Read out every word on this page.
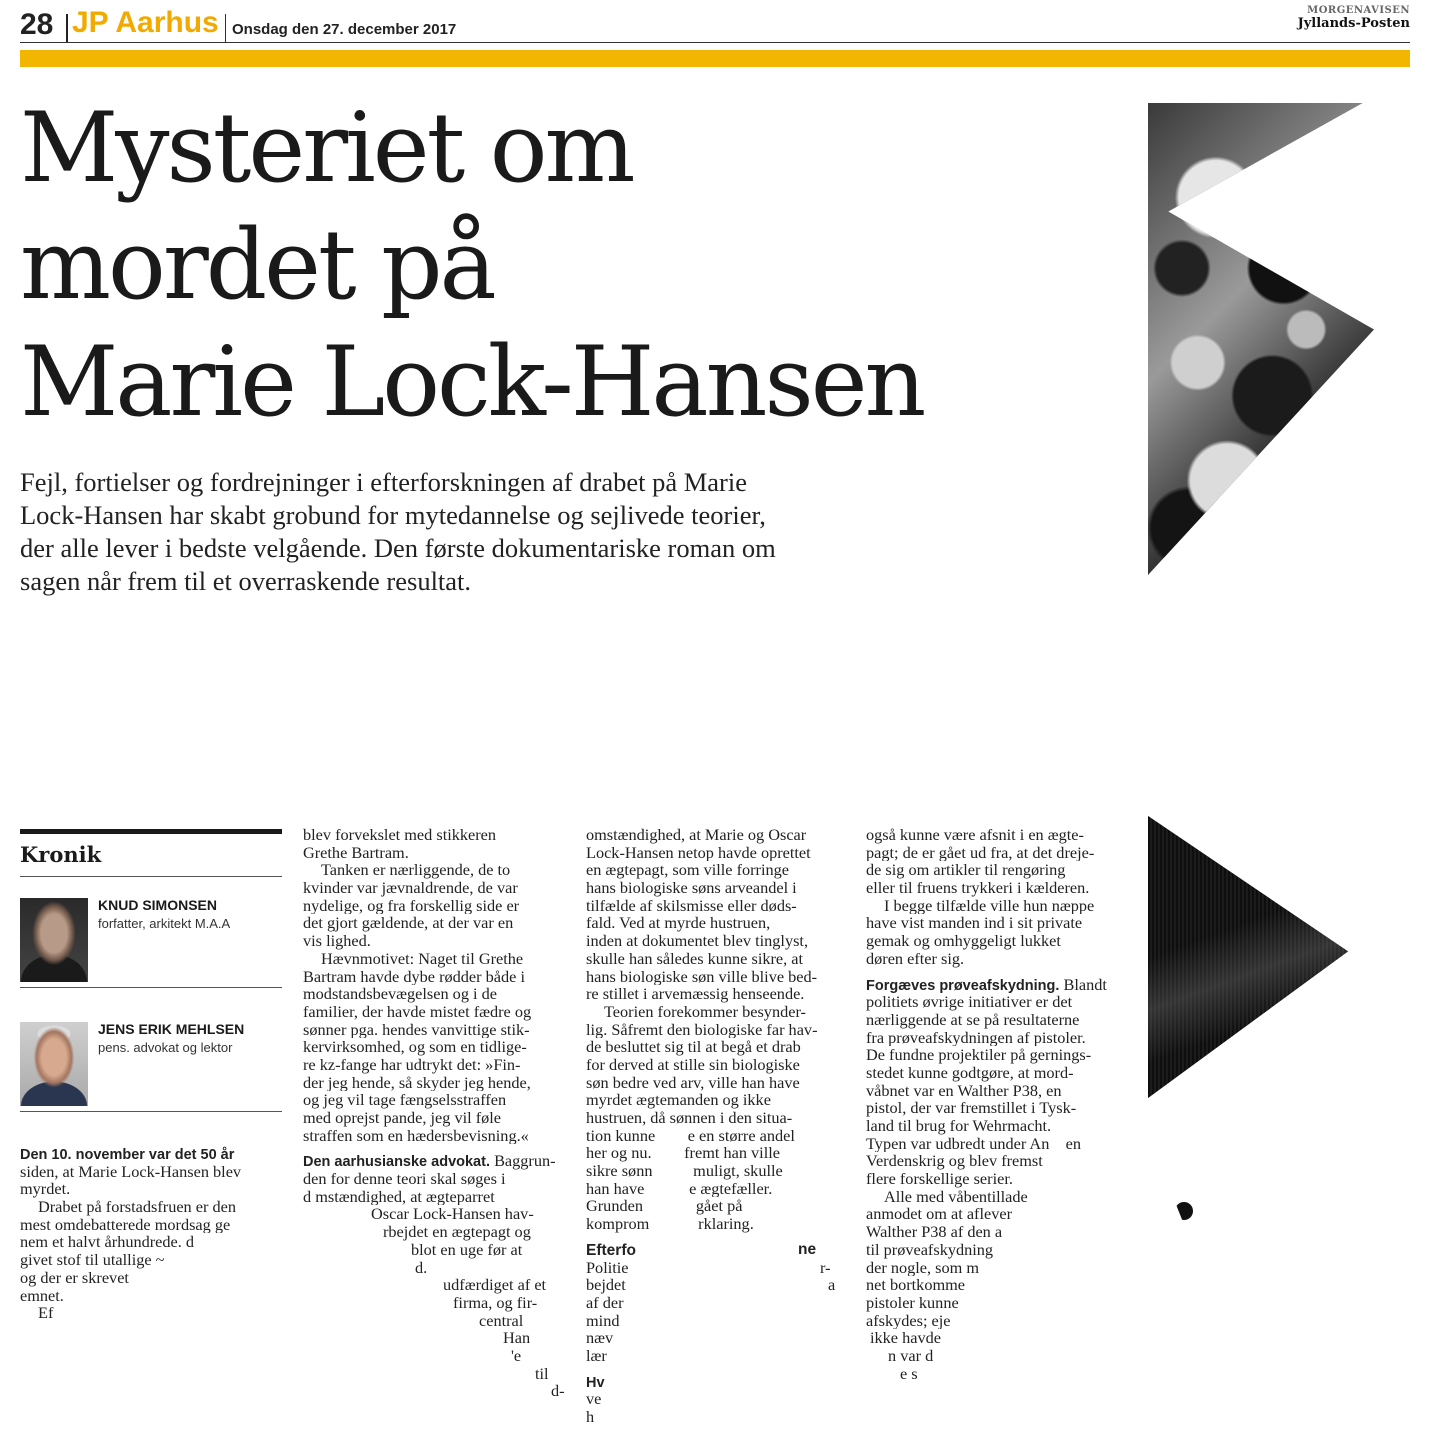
28 JP Aarhus Onsdag den 27. december 2017
MORGENAVISEN
Jyllands-Posten
Mysteriet om
mordet på
Marie Lock-Hansen
Fejl, fortielser og fordrejninger i efterforskningen af drabet på Marie
Lock-Hansen har skabt grobund for mytedannelse og sejlivede teorier,
der alle lever i bedste velgående. Den første dokumentariske roman om
sagen når frem til et overraskende resultat.
Kronik
KNUD SIMONSEN
forfatter, arkitekt M.A.A
JENS ERIK MEHLSEN
pens. advokat og lektor
Den 10. november var det 50 år
siden, at Marie Lock-Hansen blev
myrdet.
Drabet på forstadsfruen er den
mest omdebatterede mordsag ge
nem et halvt århundrede. d
givet stof til utallige ~
og der er skrevet
emnet.
Ef
blev forvekslet med stikkeren
Grethe Bartram.
Tanken er nærliggende, de to
kvinder var jævnaldrende, de var
nydelige, og fra forskellig side er
det gjort gældende, at der var en
vis lighed.
Hævnmotivet: Naget til Grethe
Bartram havde dybe rødder både i
modstandsbevægelsen og i de
familier, der havde mistet fædre og
sønner pga. hendes vanvittige stik-
kervirksomhed, og som en tidlige-
re kz-fange har udtrykt det: »Fin-
der jeg hende, så skyder jeg hende,
og jeg vil tage fængselsstraffen
med oprejst pande, jeg vil føle
straffen som en hædersbevisning.«
Den aarhusianske advokat. Baggrun-
den for denne teori skal søges i
d mstændighed, at ægteparret
Oscar Lock-Hansen hav-
rbejdet en ægtepagt og
blot en uge før at
d.
udfærdiget af et
firma, og fir-
central
Han
'e
til
d-
omstændighed, at Marie og Oscar
Lock-Hansen netop havde oprettet
en ægtepagt, som ville forringe
hans biologiske søns arveandel i
tilfælde af skilsmisse eller døds-
fald. Ved at myrde hustruen,
inden at dokumentet blev tinglyst,
skulle han således kunne sikre, at
hans biologiske søn ville blive bed-
re stillet i arvemæssig henseende.
Teorien forekommer besynder-
lig. Såfremt den biologiske far hav-
de besluttet sig til at begå et drab
for derved at stille sin biologiske
søn bedre ved arv, ville han have
myrdet ægtemanden og ikke
hustruen, då sønnen i den situa-
tion kunne        e en større andel
her og nu.        fremt han ville
sikre sønn          muligt, skulle
han have           e ægtefæller.
Grunden             gået på
komprom            rklaring.
Efterfo	ne
Politie	r-
bejdet	a
af der
mind
næv
lær
Hv
ve
h
også kunne være afsnit i en ægte-
pagt; de er gået ud fra, at det dreje-
de sig om artikler til rengøring
eller til fruens trykkeri i kælderen.
I begge tilfælde ville hun næppe
have vist manden ind i sit private
gemak og omhyggeligt lukket
døren efter sig.
Forgæves prøveafskydning. Blandt
politiets øvrige initiativer er det
nærliggende at se på resultaterne
fra prøveafskydningen af pistoler.
De fundne projektiler på gernings-
stedet kunne godtgøre, at mord-
våbnet var en Walther P38, en
pistol, der var fremstillet i Tysk-
land til brug for Wehrmacht.
Typen var udbredt under An    en
Verdenskrig og blev fremst
flere forskellige serier.
Alle med våbentillade
anmodet om at aflever
Walther P38 af den a
til prøveafskydning
der nogle, som m
net bortkomme
pistoler kunne
afskydes; eje
ikke havde
n var d
e s
